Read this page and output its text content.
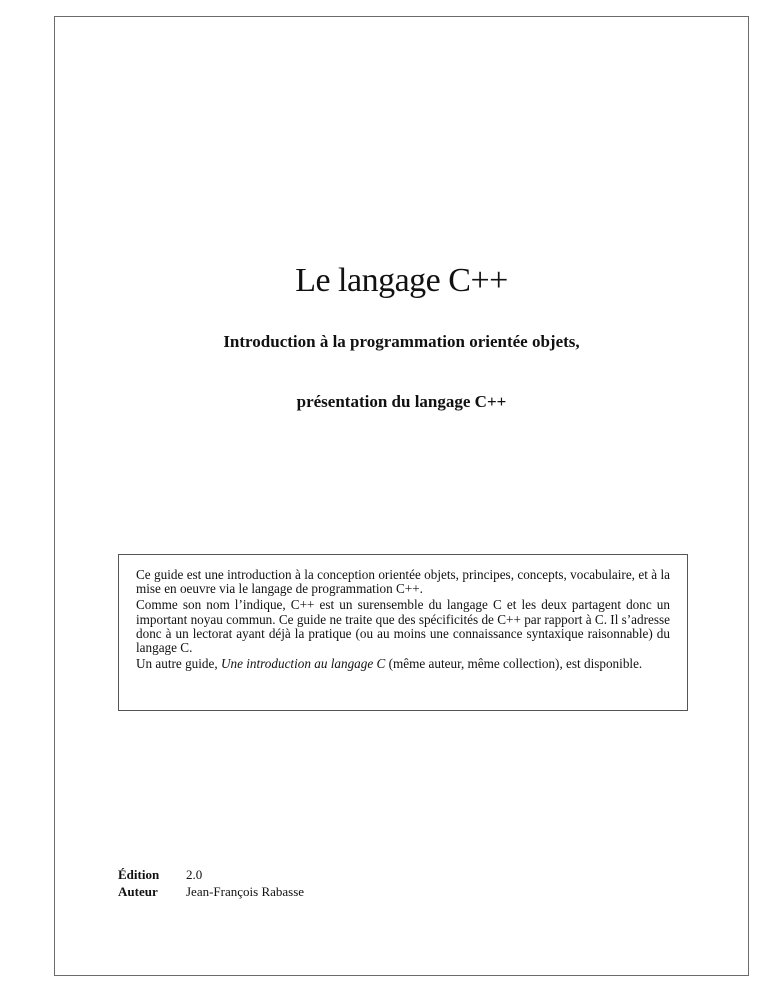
Le langage C++
Introduction à la programmation orientée objets,
présentation du langage C++

Ce guide est une introduction à la conception orientée objets, principes, concepts, vocabulaire, et à la mise en oeuvre via le langage de programmation C++.

Comme son nom l’indique, C++ est un surensemble du langage C et les deux partagent donc un important noyau commun. Ce guide ne traite que des spécificités de C++ par rapport à C. Il s’adresse donc à un lectorat ayant déjà la pratique (ou au moins une connaissance syntaxique raisonnable) du langage C.

Un autre guide, Une introduction au langage C (même auteur, même collection), est disponible.

Édition	2.0
Auteur	Jean-François Rabasse
